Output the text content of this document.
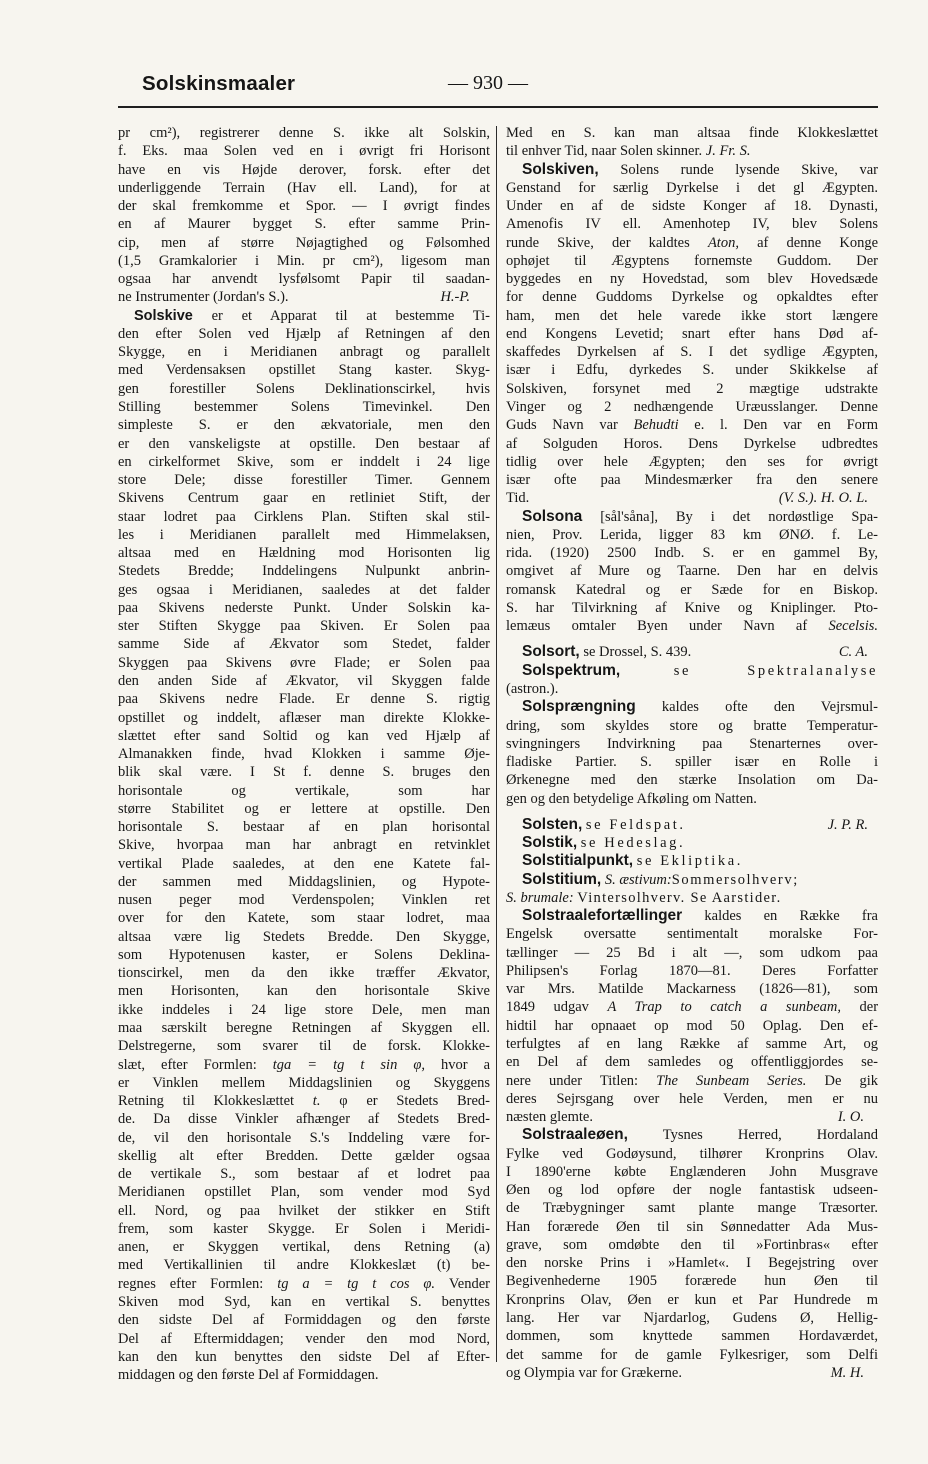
Solskinsmaaler	— 930 —
pr cm²), registrerer denne S. ikke alt Solskin,
f. Eks. maa Solen ved en i øvrigt fri Horisont
have en vis Højde derover, forsk. efter det
underliggende Terrain (Hav ell. Land), for at
der skal fremkomme et Spor. — I øvrigt findes
en af Maurer bygget S. efter samme Prin-
cip, men af større Nøjagtighed og Følsomhed
(1,5 Gramkalorier i Min. pr cm²), ligesom man
ogsaa har anvendt lysfølsomt Papir til saadan-
ne Instrumenter (Jordan's S.).	H.-P.
Solskive er et Apparat til at bestemme Ti-
den efter Solen ved Hjælp af Retningen af den
Skygge, en i Meridianen anbragt og parallelt
med Verdensaksen opstillet Stang kaster. Skyg-
gen forestiller Solens Deklinationscirkel, hvis
Stilling bestemmer Solens Timevinkel. Den
simpleste S. er den ækvatoriale, men den
er den vanskeligste at opstille. Den bestaar af
en cirkelformet Skive, som er inddelt i 24 lige
store Dele; disse forestiller Timer. Gennem
Skivens Centrum gaar en retliniet Stift, der
staar lodret paa Cirklens Plan. Stiften skal stil-
les i Meridianen parallelt med Himmelaksen,
altsaa med en Hældning mod Horisonten lig
Stedets Bredde; Inddelingens Nulpunkt anbrin-
ges ogsaa i Meridianen, saaledes at det falder
paa Skivens nederste Punkt. Under Solskin ka-
ster Stiften Skygge paa Skiven. Er Solen paa
samme Side af Ækvator som Stedet, falder
Skyggen paa Skivens øvre Flade; er Solen paa
den anden Side af Ækvator, vil Skyggen falde
paa Skivens nedre Flade. Er denne S. rigtig
opstillet og inddelt, aflæser man direkte Klokke-
slættet efter sand Soltid og kan ved Hjælp af
Almanakken finde, hvad Klokken i samme Øje-
blik skal være. I St f. denne S. bruges den
horisontale og vertikale, som har
større Stabilitet og er lettere at opstille. Den
horisontale S. bestaar af en plan horisontal
Skive, hvorpaa man har anbragt en retvinklet
vertikal Plade saaledes, at den ene Katete fal-
der sammen med Middagslinien, og Hypote-
nusen peger mod Verdenspolen; Vinklen ret
over for den Katete, som staar lodret, maa
altsaa være lig Stedets Bredde. Den Skygge,
som Hypotenusen kaster, er Solens Deklina-
tionscirkel, men da den ikke træffer Ækvator,
men Horisonten, kan den horisontale Skive
ikke inddeles i 24 lige store Dele, men man
maa særskilt beregne Retningen af Skyggen ell.
Delstregerne, som svarer til de forsk. Klokke-
slæt, efter Formlen: tga = tg t sin φ, hvor a
er Vinklen mellem Middagslinien og Skyggens
Retning til Klokkeslættet t. φ er Stedets Bred-
de. Da disse Vinkler afhænger af Stedets Bred-
de, vil den horisontale S.'s Inddeling være for-
skellig alt efter Bredden. Dette gælder ogsaa
de vertikale S., som bestaar af et lodret paa
Meridianen opstillet Plan, som vender mod Syd
ell. Nord, og paa hvilket der stikker en Stift
frem, som kaster Skygge. Er Solen i Meridi-
anen, er Skyggen vertikal, dens Retning (a)
med Vertikallinien til andre Klokkeslæt (t) be-
regnes efter Formlen: tg a = tg t cos φ. Vender
Skiven mod Syd, kan en vertikal S. benyttes
den sidste Del af Formiddagen og den første
Del af Eftermiddagen; vender den mod Nord,
kan den kun benyttes den sidste Del af Efter-
middagen og den første Del af Formiddagen.
Med en S. kan man altsaa finde Klokkeslættet
til enhver Tid, naar Solen skinner. J. Fr. S.
Solskiven, Solens runde lysende Skive, var
Genstand for særlig Dyrkelse i det gl Ægypten.
Under en af de sidste Konger af 18. Dynasti,
Amenofis IV ell. Amenhotep IV, blev Solens
runde Skive, der kaldtes Aton, af denne Konge
ophøjet til Ægyptens fornemste Guddom. Der
byggedes en ny Hovedstad, som blev Hovedsæde
for denne Guddoms Dyrkelse og opkaldtes efter
ham, men det hele varede ikke stort længere
end Kongens Levetid; snart efter hans Død af-
skaffedes Dyrkelsen af S. I det sydlige Ægypten,
især i Edfu, dyrkedes S. under Skikkelse af
Solskiven, forsynet med 2 mægtige udstrakte
Vinger og 2 nedhængende Uræusslanger. Denne
Guds Navn var Behudti e. l. Den var en Form
af Solguden Horos. Dens Dyrkelse udbredtes
tidlig over hele Ægypten; den ses for øvrigt
især ofte paa Mindesmærker fra den senere
Tid.	(V. S.). H. O. L.
Solsona [sål'såna], By i det nordøstlige Spa-
nien, Prov. Lerida, ligger 83 km ØNØ. f. Le-
rida. (1920) 2500 Indb. S. er en gammel By,
omgivet af Mure og Taarne. Den har en delvis
romansk Katedral og er Sæde for en Biskop.
S. har Tilvirkning af Knive og Kniplinger. Pto-
lemæus omtaler Byen under Navn af Secelsis.
Solsort, se Drossel, S. 439.	C. A.
Solspektrum,	se Spektralanalyse
(astron.).
Solsprængning kaldes ofte den Vejrsmul-
dring, som skyldes store og bratte Temperatur-
svingningers Indvirkning paa Stenarternes over-
fladiske Partier. S. spiller især en Rolle i
Ørkenegne med den stærke Insolation om Da-
gen og den betydelige Afkøling om Natten.
Solsten, se Feldspat.	J. P. R.
Solstik, se Hedeslag.
Solstitialpunkt, se Ekliptika.
Solstitium, S. æstivum:Sommersolhverv;
S. brumale: Vintersolhverv. Se Aarstider.
Solstraalefortællinger kaldes en Række fra
Engelsk oversatte sentimentalt moralske For-
tællinger — 25 Bd i alt —, som udkom paa
Philipsen's Forlag 1870—81. Deres Forfatter
var Mrs. Matilde Mackarness (1826—81), som
1849 udgav A Trap to catch a sunbeam, der
hidtil har opnaaet op mod 50 Oplag. Den ef-
terfulgtes af en lang Række af samme Art, og
en Del af dem samledes og offentliggjordes se-
nere under Titlen: The Sunbeam Series. De gik
deres Sejrsgang over hele Verden, men er nu
næsten glemte.	I. O.
Solstraaleøen, Tysnes Herred, Hordaland
Fylke ved Godøysund, tilhører Kronprins Olav.
I 1890'erne købte Englænderen John Musgrave
Øen og lod opføre der nogle fantastisk udseen-
de Træbygninger samt plante mange Træsorter.
Han forærede Øen til sin Sønnedatter Ada Mus-
grave, som omdøbte den til »Fortinbras« efter
den norske Prins i »Hamlet«. I Begejstring over
Begivenhederne 1905 forærede hun Øen til
Kronprins Olav, Øen er kun et Par Hundrede m
lang. Her var Njardarlog, Gudens Ø, Hellig-
dommen, som knyttede sammen Hordaværdet,
det samme for de gamle Fylkesriger, som Delfi
og Olympia var for Grækerne.	M. H.
